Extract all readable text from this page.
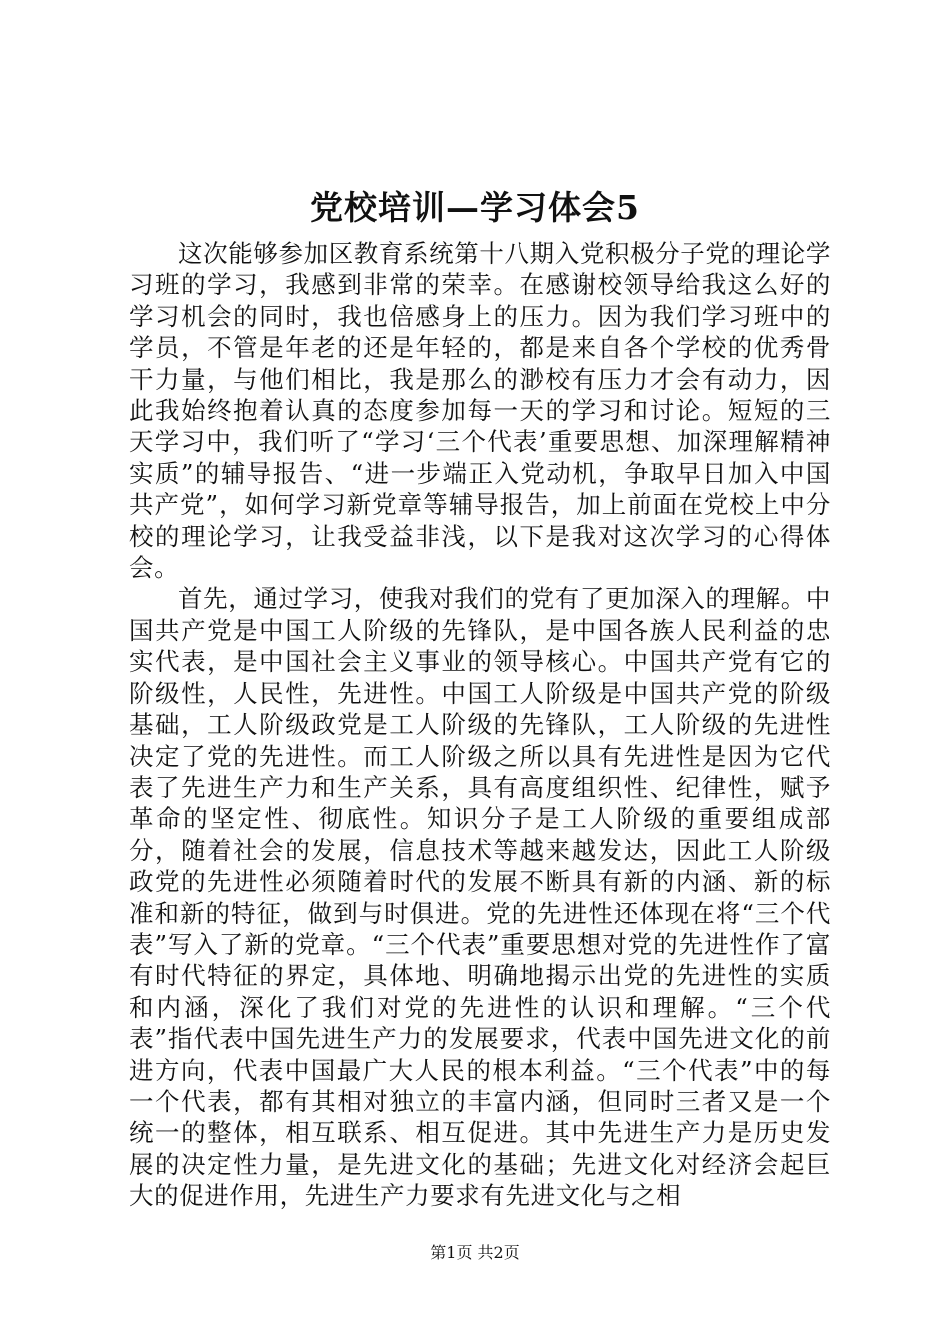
党校培训—学习体会5

这次能够参加区教育系统第十八期入党积极分子党的理论学习班的学习，我感到非常的荣幸。在感谢校领导给我这么好的学习机会的同时，我也倍感身上的压力。因为我们学习班中的学员，不管是年老的还是年轻的，都是来自各个学校的优秀骨干力量，与他们相比，我是那么的渺校有压力才会有动力，因此我始终抱着认真的态度参加每一天的学习和讨论。短短的三天学习中，我们听了“学习‘三个代表’重要思想、加深理解精神实质”的辅导报告、“进一步端正入党动机，争取早日加入中国共产党”，如何学习新党章等辅导报告，加上前面在党校上中分校的理论学习，让我受益非浅，以下是我对这次学习的心得体会。

首先，通过学习，使我对我们的党有了更加深入的理解。中国共产党是中国工人阶级的先锋队，是中国各族人民利益的忠实代表，是中国社会主义事业的领导核心。中国共产党有它的阶级性，人民性，先进性。中国工人阶级是中国共产党的阶级基础，工人阶级政党是工人阶级的先锋队，工人阶级的先进性决定了党的先进性。而工人阶级之所以具有先进性是因为它代表了先进生产力和生产关系，具有高度组织性、纪律性，赋予革命的坚定性、彻底性。知识分子是工人阶级的重要组成部分，随着社会的发展，信息技术等越来越发达，因此工人阶级政党的先进性必须随着时代的发展不断具有新的内涵、新的标准和新的特征，做到与时俱进。党的先进性还体现在将“三个代表”写入了新的党章。“三个代表”重要思想对党的先进性作了富有时代特征的界定，具体地、明确地揭示出党的先进性的实质和内涵，深化了我们对党的先进性的认识和理解。“三个代表”指代表中国先进生产力的发展要求，代表中国先进文化的前进方向，代表中国最广大人民的根本利益。“三个代表”中的每一个代表，都有其相对独立的丰富内涵，但同时三者又是一个统一的整体，相互联系、相互促进。其中先进生产力是历史发展的决定性力量，是先进文化的基础；先进文化对经济会起巨大的促进作用，先进生产力要求有先进文化与之相

第1页 共2页
